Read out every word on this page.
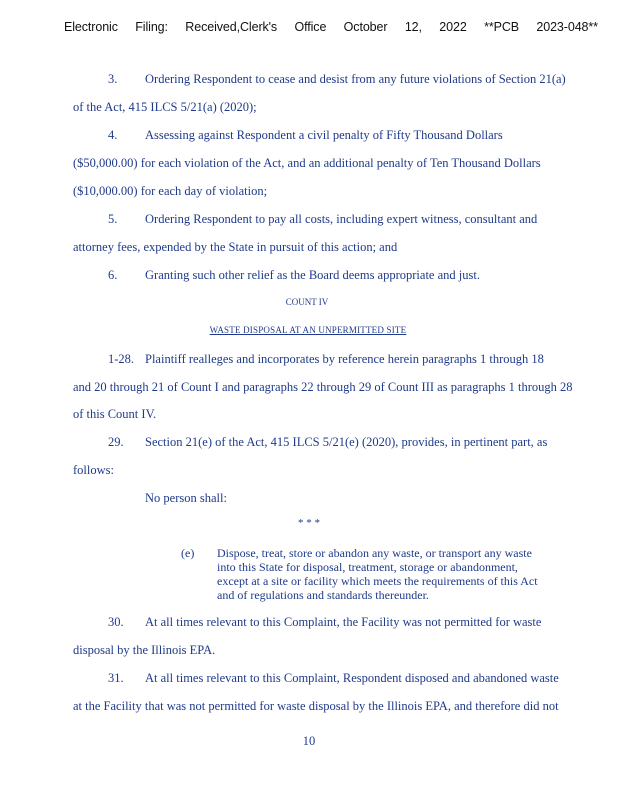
Electronic Filing: Received,Clerk's Office October 12, 2022 **PCB 2023-048**
3. Ordering Respondent to cease and desist from any future violations of Section 21(a)
of the Act, 415 ILCS 5/21(a) (2020);
4. Assessing against Respondent a civil penalty of Fifty Thousand Dollars
($50,000.00) for each violation of the Act, and an additional penalty of Ten Thousand Dollars
($10,000.00) for each day of violation;
5. Ordering Respondent to pay all costs, including expert witness, consultant and
attorney fees, expended by the State in pursuit of this action; and
6. Granting such other relief as the Board deems appropriate and just.
COUNT IV
WASTE DISPOSAL AT AN UNPERMITTED SITE
1-28. Plaintiff realleges and incorporates by reference herein paragraphs 1 through 18
and 20 through 21 of Count I and paragraphs 22 through 29 of Count III as paragraphs 1 through 28
of this Count IV.
29. Section 21(e) of the Act, 415 ILCS 5/21(e) (2020), provides, in pertinent part, as
follows:
No person shall:
* * *
(e) Dispose, treat, store or abandon any waste, or transport any waste
into this State for disposal, treatment, storage or abandonment,
except at a site or facility which meets the requirements of this Act
and of regulations and standards thereunder.
30. At all times relevant to this Complaint, the Facility was not permitted for waste
disposal by the Illinois EPA.
31. At all times relevant to this Complaint, Respondent disposed and abandoned waste
at the Facility that was not permitted for waste disposal by the Illinois EPA, and therefore did not
10
